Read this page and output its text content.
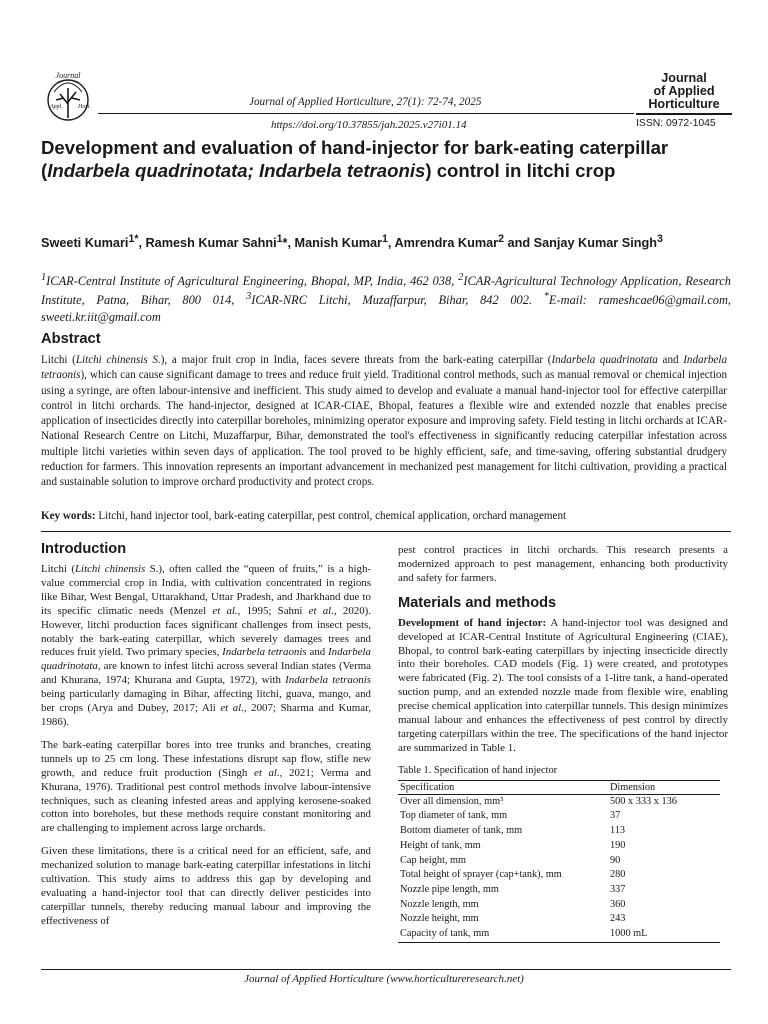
Journal
Appl.	Hort.	Journal of Applied Horticulture, 27(1): 72-74, 2025
https://doi.org/10.37855/jah.2025.v27i01.14
Journal
of Applied
Horticulture
ISSN: 0972-1045
Development and evaluation of hand-injector for bark-eating caterpillar (Indarbela quadrinotata; Indarbela tetraonis) control in litchi crop
Sweeti Kumari$^{1*}$, Ramesh Kumar Sahni$^1$*, Manish Kumar$^1$, Amrendra Kumar$^2$ and Sanjay Kumar Singh$^3$
$^1$ICAR-Central Institute of Agricultural Engineering, Bhopal, MP, India, 462 038, $^2$ICAR-Agricultural Technology Application, Research Institute, Patna, Bihar, 800 014, $^3$ICAR-NRC Litchi, Muzaffarpur, Bihar, 842 002. *E-mail: rameshcae06@gmail.com, sweeti.kr.iit@gmail.com
Abstract
Litchi (Litchi chinensis S.), a major fruit crop in India, faces severe threats from the bark-eating caterpillar (Indarbela quadrinotata and Indarbela tetraonis), which can cause significant damage to trees and reduce fruit yield. Traditional control methods, such as manual removal or chemical injection using a syringe, are often labour-intensive and inefficient. This study aimed to develop and evaluate a manual hand-injector tool for effective caterpillar control in litchi orchards. The hand-injector, designed at ICAR-CIAE, Bhopal, features a flexible wire and extended nozzle that enables precise application of insecticides directly into caterpillar boreholes, minimizing operator exposure and improving safety. Field testing in litchi orchards at ICAR- National Research Centre on Litchi, Muzaffarpur, Bihar, demonstrated the tool's effectiveness in significantly reducing caterpillar infestation across multiple litchi varieties within seven days of application. The tool proved to be highly efficient, safe, and time-saving, offering substantial drudgery reduction for farmers. This innovation represents an important advancement in mechanized pest management for litchi cultivation, providing a practical and sustainable solution to improve orchard productivity and protect crops.
Key words: Litchi, hand injector tool, bark-eating caterpillar, pest control, chemical application, orchard management
Introduction

Litchi (Litchi chinensis S.), often called the “queen of fruits,” is a high-value commercial crop in India, with cultivation concentrated in regions like Bihar, West Bengal, Uttarakhand, Uttar Pradesh, and Jharkhand due to its specific climatic needs (Menzel et al., 1995; Sahni et al., 2020). However, litchi production faces significant challenges from insect pests, notably the bark-eating caterpillar, which severely damages trees and reduces fruit yield. Two primary species, Indarbela tetraonis and Indarbela quadrinotata, are known to infest litchi across several Indian states (Verma and Khurana, 1974; Khurana and Gupta, 1972), with Indarbela tetraonis being particularly damaging in Bihar, affecting litchi, guava, mango, and ber crops (Arya and Dubey, 2017; Ali et al., 2007; Sharma and Kumar, 1986).

The bark-eating caterpillar bores into tree trunks and branches, creating tunnels up to 25 cm long. These infestations disrupt sap flow, stifle new growth, and reduce fruit production (Singh et al., 2021; Verma and Khurana, 1976). Traditional pest control methods involve labour-intensive techniques, such as cleaning infested areas and applying kerosene-soaked cotton into boreholes, but these methods require constant monitoring and are challenging to implement across large orchards.

Given these limitations, there is a critical need for an efficient, safe, and mechanized solution to manage bark-eating caterpillar infestations in litchi cultivation. This study aims to address this gap by developing and evaluating a hand-injector tool that can directly deliver pesticides into caterpillar tunnels, thereby reducing manual labour and improving the effectiveness of

pest control practices in litchi orchards. This research presents a modernized approach to pest management, enhancing both productivity and safety for farmers.

Materials and methods

Development of hand injector: A hand-injector tool was designed and developed at ICAR-Central Institute of Agricultural Engineering (CIAE), Bhopal, to control bark-eating caterpillars by injecting insecticide directly into their boreholes. CAD models (Fig. 1) were created, and prototypes were fabricated (Fig. 2). The tool consists of a 1-litre tank, a hand-operated suction pump, and an extended nozzle made from flexible wire, enabling precise chemical application into caterpillar tunnels. This design minimizes manual labour and enhances the effectiveness of pest control by directly targeting caterpillars within the tree. The specifications of the hand injector are summarized in Table 1.

Table 1. Specification of hand injector
Specification	Dimension
Over all dimension, mm³	500 x 333 x 136
Top diameter of tank, mm	37
Bottom diameter of tank, mm	113
Height of tank, mm	190
Cap height, mm	90
Total height of sprayer (cap+tank), mm	280
Nozzle pipe length, mm	337
Nozzle length, mm	360
Nozzle height, mm	243
Capacity of tank, mm	1000 mL
Journal of Applied Horticulture (www.horticultureresearch.net)
